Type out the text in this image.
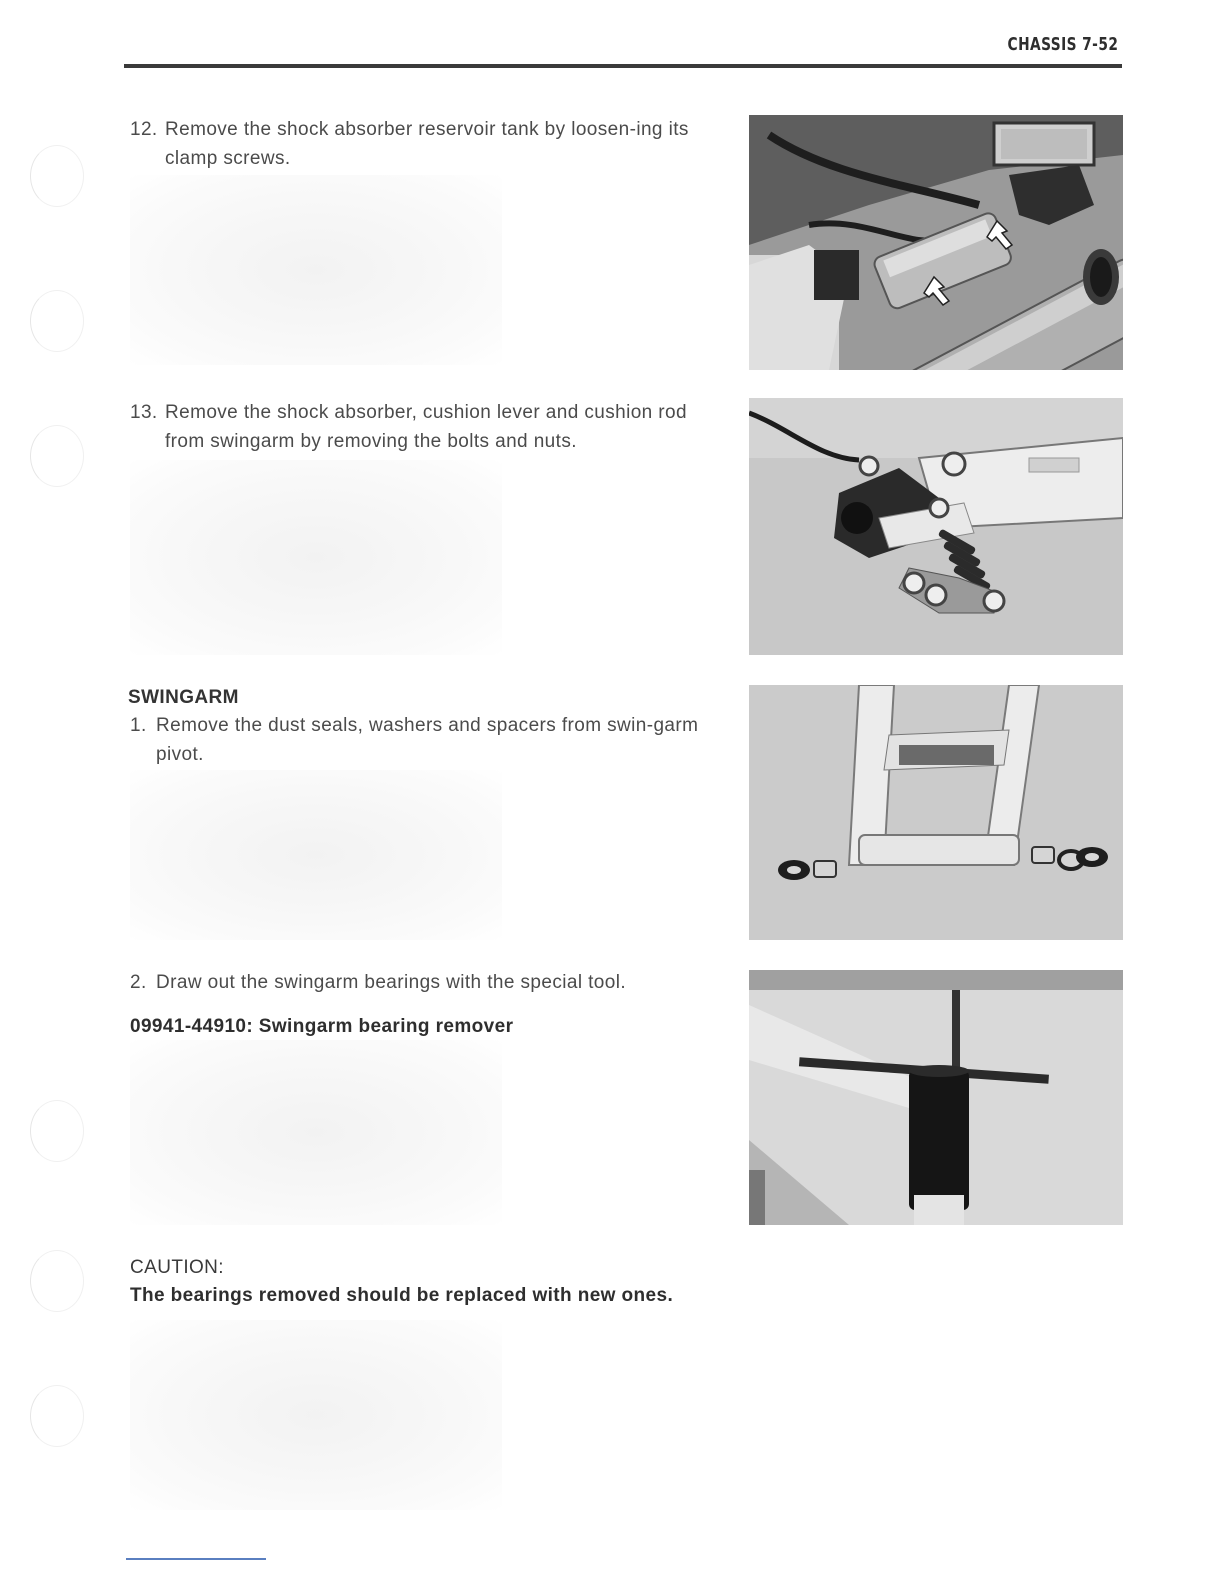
CHASSIS 7-52
12. Remove the shock absorber reservoir tank by loosen-ing its clamp screws.
13. Remove the shock absorber, cushion lever and cushion rod from swingarm by removing the bolts and nuts.
SWINGARM
1. Remove the dust seals, washers and spacers from swin-garm pivot.
2. Draw out the swingarm bearings with the special tool.
09941-44910: Swingarm bearing remover
CAUTION:
The bearings removed should be replaced with new ones.
